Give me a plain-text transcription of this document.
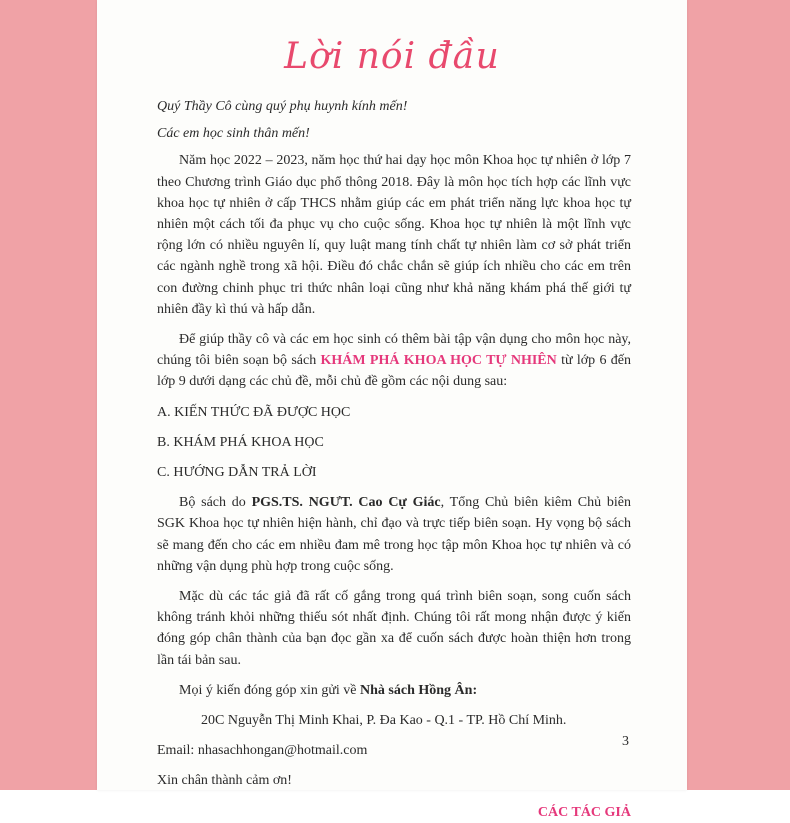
Lời nói đầu

Quý Thầy Cô cùng quý phụ huynh kính mến!

Các em học sinh thân mến!

Năm học 2022 – 2023, năm học thứ hai dạy học môn Khoa học tự nhiên ở lớp 7 theo Chương trình Giáo dục phổ thông 2018. Đây là môn học tích hợp các lĩnh vực khoa học tự nhiên ở cấp THCS nhằm giúp các em phát triển năng lực khoa học tự nhiên một cách tối đa phục vụ cho cuộc sống. Khoa học tự nhiên là một lĩnh vực rộng lớn có nhiều nguyên lí, quy luật mang tính chất tự nhiên làm cơ sở phát triển các ngành nghề trong xã hội. Điều đó chắc chắn sẽ giúp ích nhiều cho các em trên con đường chinh phục tri thức nhân loại cũng như khả năng khám phá thế giới tự nhiên đầy kì thú và hấp dẫn.

Để giúp thầy cô và các em học sinh có thêm bài tập vận dụng cho môn học này, chúng tôi biên soạn bộ sách KHÁM PHÁ KHOA HỌC TỰ NHIÊN từ lớp 6 đến lớp 9 dưới dạng các chủ đề, mỗi chủ đề gồm các nội dung sau:

A. KIẾN THỨC ĐÃ ĐƯỢC HỌC

B. KHÁM PHÁ KHOA HỌC

C. HƯỚNG DẪN TRẢ LỜI

Bộ sách do PGS.TS. NGƯT. Cao Cự Giác, Tổng Chủ biên kiêm Chủ biên SGK Khoa học tự nhiên hiện hành, chỉ đạo và trực tiếp biên soạn. Hy vọng bộ sách sẽ mang đến cho các em nhiều đam mê trong học tập môn Khoa học tự nhiên và có những vận dụng phù hợp trong cuộc sống.

Mặc dù các tác giả đã rất cố gắng trong quá trình biên soạn, song cuốn sách không tránh khỏi những thiếu sót nhất định. Chúng tôi rất mong nhận được ý kiến đóng góp chân thành của bạn đọc gần xa để cuốn sách được hoàn thiện hơn trong lần tái bản sau.

Mọi ý kiến đóng góp xin gửi về Nhà sách Hồng Ân:

20C Nguyễn Thị Minh Khai, P. Đa Kao - Q.1 - TP. Hồ Chí Minh.

Email: nhasachhongan@hotmail.com

Xin chân thành cảm ơn!

CÁC TÁC GIẢ

3
